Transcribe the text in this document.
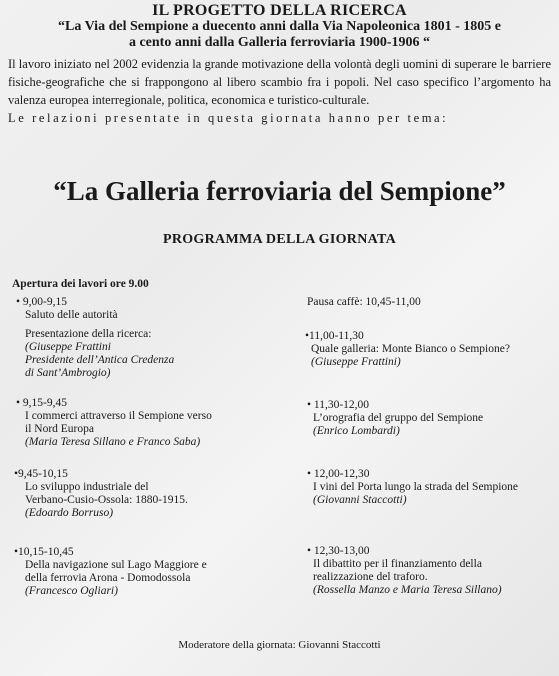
IL PROGETTO DELLA RICERCA
“La Via del Sempione a duecento anni dalla Via Napoleonica 1801 - 1805 e
a cento anni dalla Galleria ferroviaria 1900-1906 “
Il lavoro iniziato nel 2002 evidenzia la grande motivazione della volontà degli uomini di superare le barriere fisiche-geografiche che si frappongono al libero scambio fra i popoli. Nel caso specifico l’argomento ha valenza europea interregionale, politica, economica e turistico-culturale.
Le relazioni presentate in questa giornata hanno per tema:
“La Galleria ferroviaria del Sempione”
PROGRAMMA DELLA GIORNATA
Apertura dei lavori ore 9.00
• 9,00-9,15
Saluto delle autorità
Presentazione della ricerca:
(Giuseppe Frattini
Presidente dell’Antica Credenza
di Sant’Ambrogio)
• 9,15-9,45
I commerci attraverso il Sempione verso
il Nord Europa
(Maria Teresa Sillano e Franco Saba)
•9,45-10,15
Lo sviluppo industriale del
Verbano-Cusio-Ossola: 1880-1915.
(Edoardo Borruso)
•10,15-10,45
Della navigazione sul Lago Maggiore e
della ferrovia Arona - Domodossola
(Francesco Ogliari)
Pausa caffè: 10,45-11,00
•11,00-11,30
Quale galleria: Monte Bianco o Sempione?
(Giuseppe Frattini)
• 11,30-12,00
L’orografia del gruppo del Sempione
(Enrico Lombardi)
• 12,00-12,30
I vini del Porta lungo la strada del Sempione
(Giovanni Staccotti)
• 12,30-13,00
Il dibattito per il finanziamento della
realizzazione del traforo.
(Rossella Manzo e Maria Teresa Sillano)
Moderatore della giornata: Giovanni Staccotti
